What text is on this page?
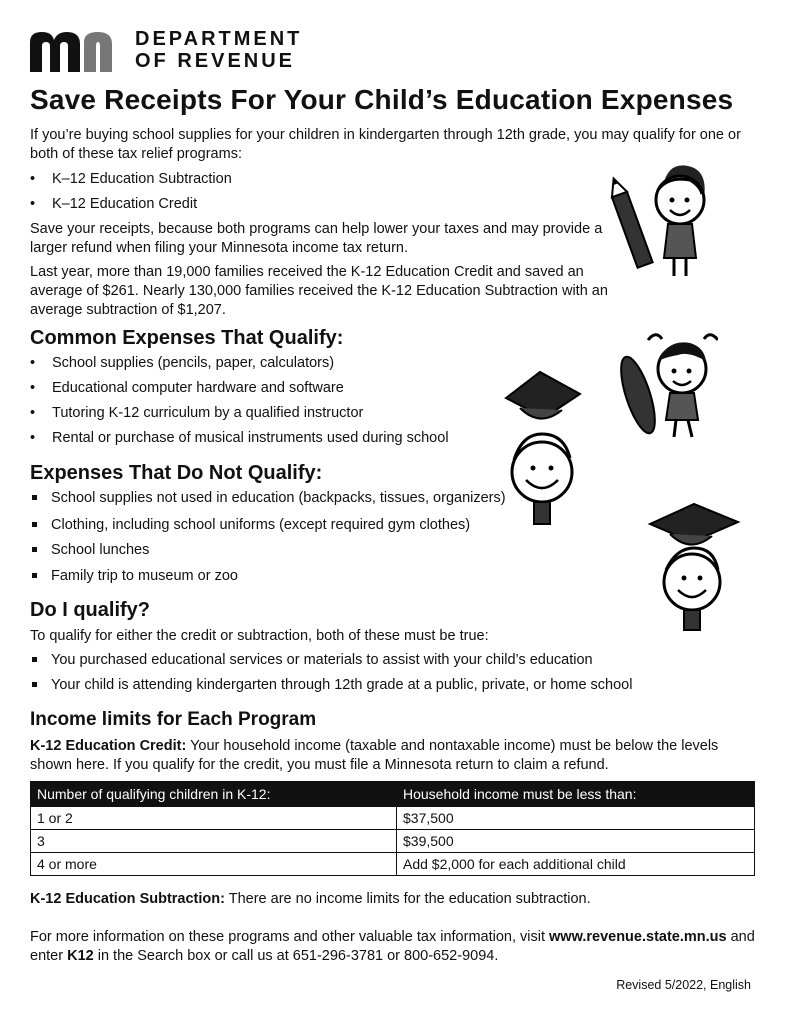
DEPARTMENT
OF REVENUE
Save Receipts For Your Child’s Education Expenses

If you’re buying school supplies for your children in kindergarten through 12th grade, you may qualify for one or both of these tax relief programs:

• K–12 Education Subtraction
• K–12 Education Credit

Save your receipts, because both programs can help lower your taxes and may provide a larger refund when filing your Minnesota income tax return.

Last year, more than 19,000 families received the K-12 Education Credit and saved an average of $261. Nearly 130,000 families received the K-12 Education Subtraction with an average subtraction of $1,207.

Common Expenses That Qualify:
• School supplies (pencils, paper, calculators)
• Educational computer hardware and software
• Tutoring K-12 curriculum by a qualified instructor
• Rental or purchase of musical instruments used during school
Expenses That Do Not Qualify:
School supplies not used in education (backpacks, tissues, organizers)
Clothing, including school uniforms (except required gym clothes)
School lunches
Family trip to museum or zoo
Do I qualify?

To qualify for either the credit or subtraction, both of these must be true:

You purchased educational services or materials to assist with your child’s education
Your child is attending kindergarten through 12th grade at a public, private, or home school
Income limits for Each Program

K-12 Education Credit: Your household income (taxable and nontaxable income) must be below the levels shown here. If you qualify for the credit, you must file a Minnesota return to claim a refund.

Number of qualifying children in K-12:	Household income must be less than:
1 or 2	$37,500
3	$39,500
4 or more	Add $2,000 for each additional child

K-12 Education Subtraction: There are no income limits for the education subtraction.

For more information on these programs and other valuable tax information, visit www.revenue.state.mn.us and enter K12 in the Search box or call us at 651-296-3781 or 800-652-9094.

Revised 5/2022, English
